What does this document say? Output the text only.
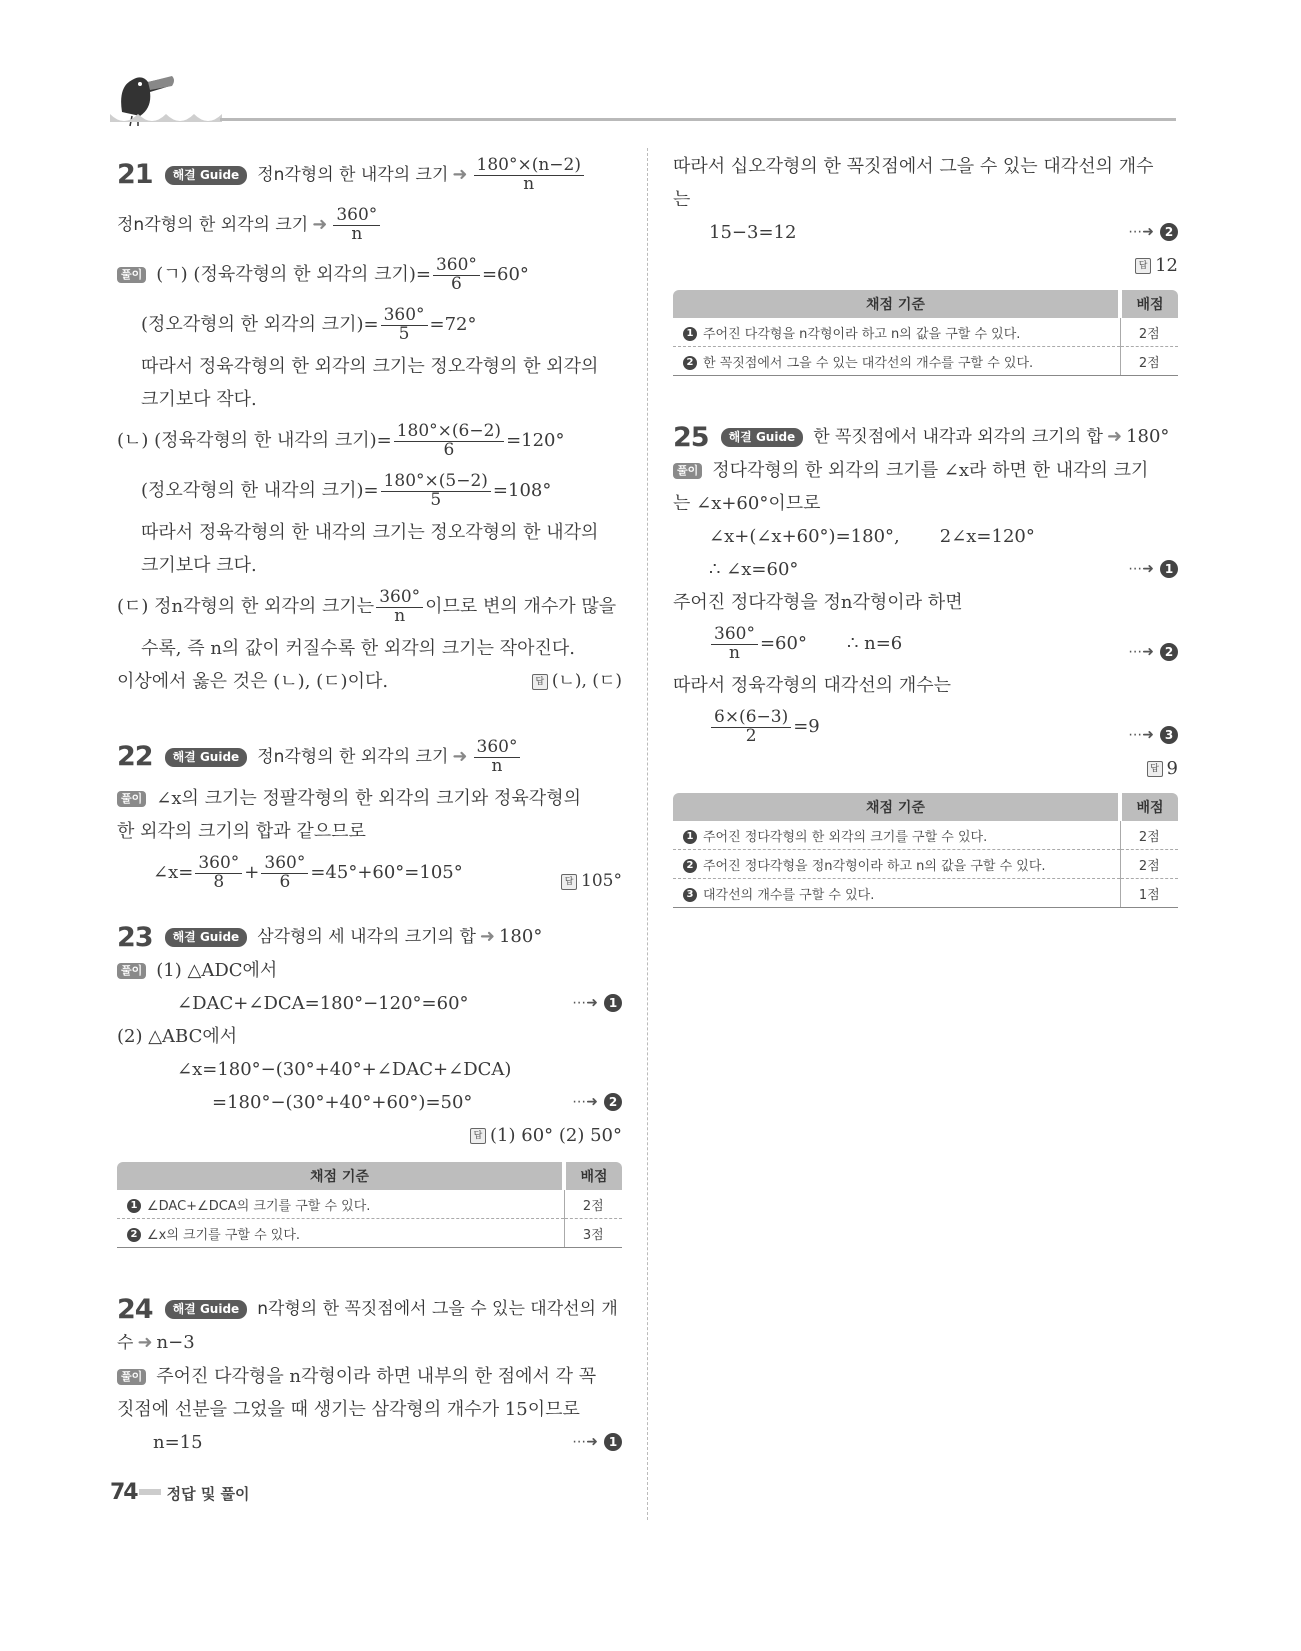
21 해결 Guide 정n각형의 한 내각의 크기 ➜ $\frac{180^\circ\times(n-2)}{n}$
정n각형의 한 외각의 크기 ➜ $\frac{360^\circ}{n}$
풀이 (ㄱ) (정육각형의 한 외각의 크기)= $\frac{360^\circ}{6} =60^\circ$
(정오각형의 한 외각의 크기)= $\frac{360^\circ}{5} =72^\circ$
따라서 정육각형의 한 외각의 크기는 정오각형의 한 외각의
크기보다 작다.
(ㄴ) (정육각형의 한 내각의 크기)= $\frac{180^\circ\times(6-2)}{6} =120^\circ$
(정오각형의 한 내각의 크기)= $\frac{180^\circ\times(5-2)}{5} =108^\circ$
따라서 정육각형의 한 내각의 크기는 정오각형의 한 내각의
크기보다 크다.
(ㄷ) 정n각형의 한 외각의 크기는 $\frac{360^\circ}{n}$ 이므로 변의 개수가 많을
수록, 즉 n의 값이 커질수록 한 외각의 크기는 작아진다.
이상에서 옳은 것은 (ㄴ), (ㄷ)이다.	답 (ㄴ), (ㄷ)
22 해결 Guide 정n각형의 한 외각의 크기 ➜ $\frac{360^\circ}{n}$
풀이 ∠x의 크기는 정팔각형의 한 외각의 크기와 정육각형의
한 외각의 크기의 합과 같으므로
∠x= $\frac{360^\circ}{8} + \frac{360^\circ}{6} =45^\circ+60^\circ=105^\circ$	답 105°
23 해결 Guide 삼각형의 세 내각의 크기의 합 ➜ 180°
풀이 (1) △ADC에서
∠DAC+∠DCA=180°−120°=60°	⋯➜ 1
(2) △ABC에서
∠x=180°−(30°+40°+∠DAC+∠DCA)
=180°−(30°+40°+60°)=50°	⋯➜ 2
답 (1) 60° (2) 50°
채점 기준	배점
1 ∠DAC+∠DCA의 크기를 구할 수 있다.	2점
2 ∠x의 크기를 구할 수 있다.	3점
24 해결 Guide n각형의 한 꼭짓점에서 그을 수 있는 대각선의 개
수 ➜ n−3
풀이 주어진 다각형을 n각형이라 하면 내부의 한 점에서 각 꼭
짓점에 선분을 그었을 때 생기는 삼각형의 개수가 15이므로
n=15	⋯➜ 1
따라서 십오각형의 한 꼭짓점에서 그을 수 있는 대각선의 개수
는
15−3=12	⋯➜ 2
답 12
채점 기준	배점
1 주어진 다각형을 n각형이라 하고 n의 값을 구할 수 있다.	2점
2 한 꼭짓점에서 그을 수 있는 대각선의 개수를 구할 수 있다.	2점
25 해결 Guide 한 꼭짓점에서 내각과 외각의 크기의 합 ➜ 180°
풀이 정다각형의 한 외각의 크기를 ∠x라 하면 한 내각의 크기
는 ∠x+60°이므로
∠x+(∠x+60°)=180°, 2∠x=120°
∴ ∠x=60°	⋯➜ 1
주어진 정다각형을 정n각형이라 하면
$\frac{360^\circ}{n} =60^\circ$ ∴ n=6	⋯➜ 2
따라서 정육각형의 대각선의 개수는
$\frac{6\times(6-3)}{2} =9$	⋯➜ 3
답 9
채점 기준	배점
1 주어진 정다각형의 한 외각의 크기를 구할 수 있다.	2점
2 주어진 정다각형을 정n각형이라 하고 n의 값을 구할 수 있다.	2점
3 대각선의 개수를 구할 수 있다.	1점
74 정답 및 풀이
